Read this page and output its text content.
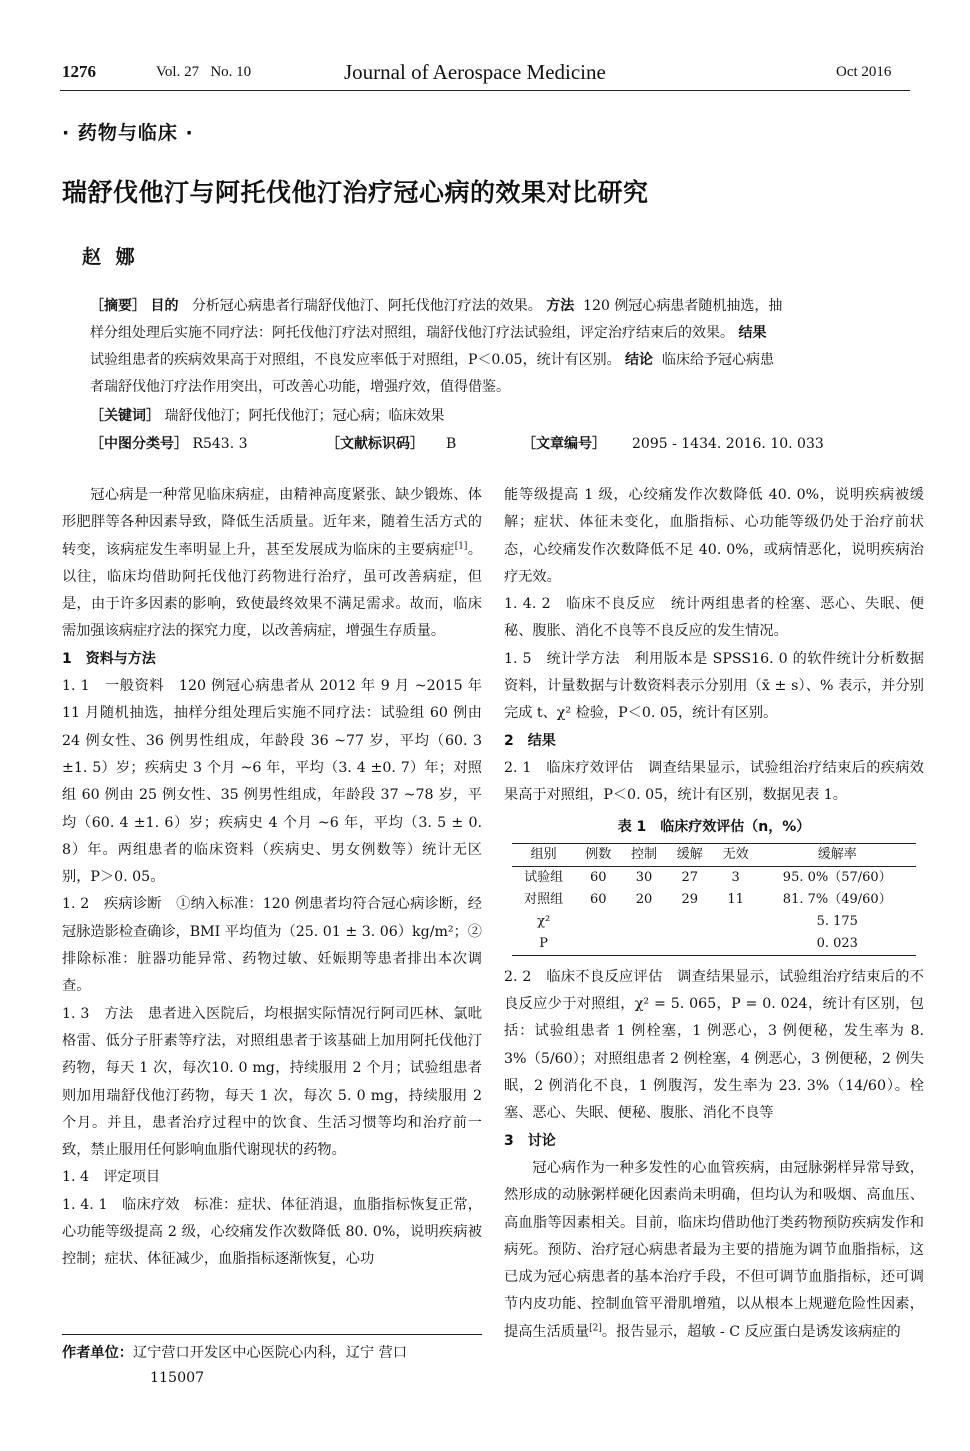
1276	Vol. 27   No. 10	Journal of Aerospace Medicine	Oct 2016
· 药物与临床 ·
瑞舒伐他汀与阿托伐他汀治疗冠心病的效果对比研究
赵 娜
［摘要］ 目的 分析冠心病患者行瑞舒伐他汀、阿托伐他汀疗法的效果。 方法 120 例冠心病患者随机抽选，抽
样分组处理后实施不同疗法：阿托伐他汀疗法对照组，瑞舒伐他汀疗法试验组，评定治疗结束后的效果。 结果
试验组患者的疾病效果高于对照组，不良发应率低于对照组，P＜0.05，统计有区别。 结论 临床给予冠心病患
者瑞舒伐他汀疗法作用突出，可改善心功能，增强疗效，值得借鉴。
［关键词］ 瑞舒伐他汀；阿托伐他汀；冠心病；临床效果
［中图分类号］ R543. 3	［文献标识码］ B	［文章编号］ 2095 - 1434. 2016. 10. 033

冠心病是一种常见临床病症，由精神高度紧张、缺少锻炼、体形肥胖等各种因素导致，降低生活质量。近年来，随着生活方式的转变，该病症发生率明显上升，甚至发展成为临床的主要病症[1]。以往，临床均借助阿托伐他汀药物进行治疗，虽可改善病症，但是，由于许多因素的影响，致使最终效果不满足需求。故而，临床需加强该病症疗法的探究力度，以改善病症，增强生存质量。

1　资料与方法

1. 1　一般资料　120 例冠心病患者从 2012 年 9 月 ~2015 年 11 月随机抽选，抽样分组处理后实施不同疗法：试验组 60 例由 24 例女性、36 例男性组成，年龄段 36 ~77 岁，平均（60. 3 ±1. 5）岁；疾病史 3 个月 ~6 年，平均（3. 4 ±0. 7）年；对照组 60 例由 25 例女性、35 例男性组成，年龄段 37 ~78 岁，平均（60. 4 ±1. 6）岁；疾病史 4 个月 ~6 年，平均（3. 5 ± 0. 8）年。两组患者的临床资料（疾病史、男女例数等）统计无区别，P＞0. 05。

1. 2　疾病诊断　①纳入标准：120 例患者均符合冠心病诊断，经冠脉造影检查确诊，BMI 平均值为（25. 01 ± 3. 06）kg/m²；②排除标准：脏器功能异常、药物过敏、妊娠期等患者排出本次调查。

1. 3　方法　患者进入医院后，均根据实际情况行阿司匹林、氯吡格雷、低分子肝素等疗法，对照组患者于该基础上加用阿托伐他汀药物，每天 1 次，每次10. 0 mg，持续服用 2 个月；试验组患者则加用瑞舒伐他汀药物，每天 1 次，每次 5. 0 mg，持续服用 2 个月。并且，患者治疗过程中的饮食、生活习惯等均和治疗前一致，禁止服用任何影响血脂代谢现状的药物。

1. 4　评定项目

1. 4. 1　临床疗效　标准：症状、体征消退，血脂指标恢复正常，心功能等级提高 2 级，心绞痛发作次数降低 80. 0%，说明疾病被控制；症状、体征减少，血脂指标逐渐恢复，心功

能等级提高 1 级，心绞痛发作次数降低 40. 0%，说明疾病被缓解；症状、体征未变化，血脂指标、心功能等级仍处于治疗前状态，心绞痛发作次数降低不足 40. 0%，或病情恶化，说明疾病治疗无效。

1. 4. 2　临床不良反应　统计两组患者的栓塞、恶心、失眠、便秘、腹胀、消化不良等不良反应的发生情况。

1. 5　统计学方法　利用版本是 SPSS16. 0 的软件统计分析数据资料，计量数据与计数资料表示分别用（x̄ ± s）、% 表示，并分别完成 t、χ² 检验，P＜0. 05，统计有区别。

2　结果

2. 1　临床疗效评估　调查结果显示，试验组治疗结束后的疾病效果高于对照组，P＜0. 05，统计有区别，数据见表 1。

表 1　临床疗效评估（n，%）
组别	例数	控制	缓解	无效	缓解率
试验组	60	30	27	3	95. 0%（57/60）
对照组	60	20	29	11	81. 7%（49/60）
χ²					5. 175
P					0. 023

2. 2　临床不良反应评估　调查结果显示，试验组治疗结束后的不良反应少于对照组，χ² = 5. 065，P = 0. 024，统计有区别，包括：试验组患者 1 例栓塞，1 例恶心，3 例便秘，发生率为 8. 3%（5/60）；对照组患者 2 例栓塞，4 例恶心，3 例便秘，2 例失眠，2 例消化不良，1 例腹泻，发生率为 23. 3%（14/60）。栓塞、恶心、失眠、便秘、腹胀、消化不良等

3　讨论

冠心病作为一种多发性的心血管疾病，由冠脉粥样异常导致，然形成的动脉粥样硬化因素尚未明确，但均认为和吸烟、高血压、高血脂等因素相关。目前，临床均借助他汀类药物预防疾病发作和病死。预防、治疗冠心病患者最为主要的措施为调节血脂指标，这已成为冠心病患者的基本治疗手段，不但可调节血脂指标，还可调节内皮功能、控制血管平滑肌增殖，以从根本上规避危险性因素，提高生活质量[2]。报告显示，超敏 - C 反应蛋白是诱发该病症的

作者单位：辽宁营口开发区中心医院心内科，辽宁 营口
115007
